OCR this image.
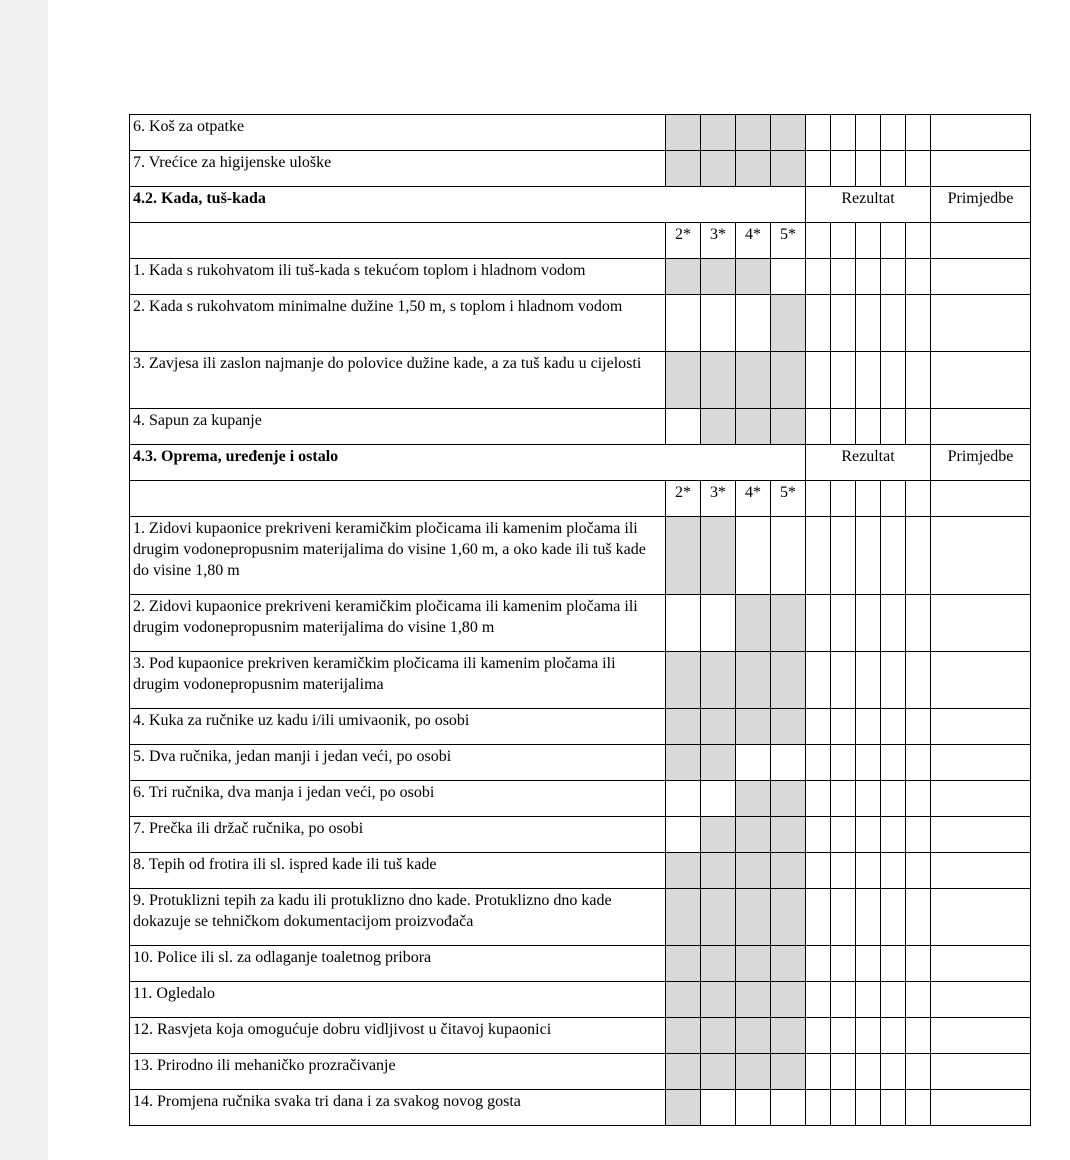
6. Koš za otpatke										
7. Vrećice za higijenske uloške										
4.2. Kada, tuš-kada					Rezultat					Primjedbe
	2*	3*	4*	5*						
1. Kada s rukohvatom ili tuš-kada s tekućom toplom i hladnom vodom										
2. Kada s rukohvatom minimalne dužine 1,50 m, s toplom i hladnom vodom										
3. Zavjesa ili zaslon najmanje do polovice dužine kade, a za tuš kadu u cijelosti										
4. Sapun za kupanje										
4.3. Oprema, uređenje i ostalo					Rezultat					Primjedbe
	2*	3*	4*	5*						
1. Zidovi kupaonice prekriveni keramičkim pločicama ili kamenim pločama ili drugim vodonepropusnim materijalima do visine 1,60 m, a oko kade ili tuš kade do visine 1,80 m										
2. Zidovi kupaonice prekriveni keramičkim pločicama ili kamenim pločama ili drugim vodonepropusnim materijalima do visine 1,80 m										
3. Pod kupaonice prekriven keramičkim pločicama ili kamenim pločama ili drugim vodonepropusnim materijalima										
4. Kuka za ručnike uz kadu i/ili umivaonik, po osobi										
5. Dva ručnika, jedan manji i jedan veći, po osobi										
6. Tri ručnika, dva manja i jedan veći, po osobi										
7. Prečka ili držač ručnika, po osobi										
8. Tepih od frotira ili sl. ispred kade ili tuš kade										
9. Protuklizni tepih za kadu ili protuklizno dno kade. Protuklizno dno kade dokazuje se tehničkom dokumentacijom proizvođača										
10. Police ili sl. za odlaganje toaletnog pribora										
11. Ogledalo										
12. Rasvjeta koja omogućuje dobru vidljivost u čitavoj kupaonici										
13. Prirodno ili mehaničko prozračivanje										
14. Promjena ručnika svaka tri dana i za svakog novog gosta										
